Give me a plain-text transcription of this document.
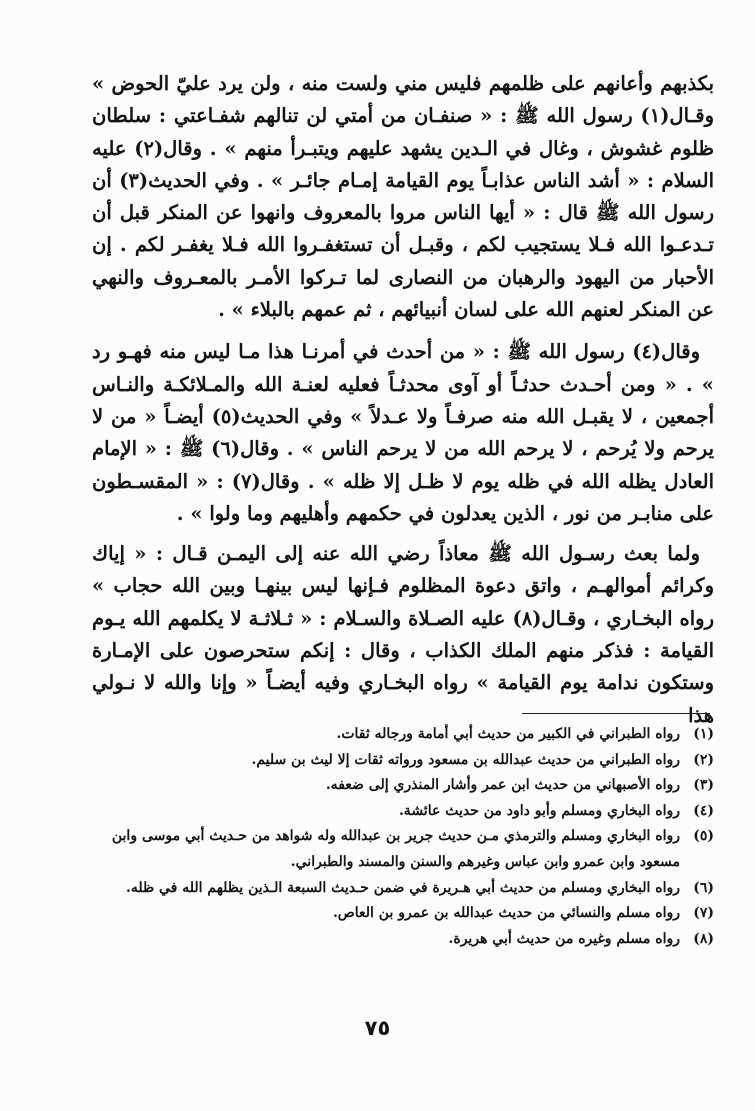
بكذبهم وأعانهم على ظلمهم فليس مني ولست منه ، ولن يرد عليّ الحوض » وقـال(١) رسول الله ﷺ : « صنفـان من أمتي لن تنالهم شفـاعتي : سلطان ظلوم غشوش ، وغال في الـدين يشهد عليهم ويتبـرأ منهم » . وقال(٢) عليه السلام : « أشد الناس عذابـاً يوم القيامة إمـام جائـر » . وفي الحديث(٣) أن رسول الله ﷺ قال : « أيها الناس مروا بالمعروف وانهوا عن المنكر قبل أن تـدعـوا الله فـلا يستجيب لكم ، وقبـل أن تستغفـروا الله فـلا يغفـر لكم . إن الأحبار من اليهود والرهبان من النصارى لما تـركوا الأمـر بالمعـروف والنهي عن المنكر لعنهم الله على لسان أنبيائهم ، ثم عمهم بالبلاء » .

وقال(٤) رسول الله ﷺ : « من أحدث في أمرنـا هذا مـا ليس منه فهـو رد » . « ومن أحـدث حدثـاً أو آوى محدثـاً فعليه لعنـة الله والمـلائكـة والنـاس أجمعين ، لا يقبـل الله منه صرفـاً ولا عـدلاً » وفي الحديث(٥) أيضـاً « من لا يرحم ولا يُرحم ، لا يرحم الله من لا يرحم الناس » . وقال(٦) ﷺ : « الإمام العادل يظله الله في ظله يوم لا ظـل إلا ظله » . وقال(٧) : « المقسـطون على منابـر من نور ، الذين يعدلون في حكمهم وأهليهم وما ولوا » .

ولما بعث رسـول الله ﷺ معاذاً رضي الله عنه إلى اليمـن قـال : « إياك وكرائم أموالهـم ، واتق دعوة المظلوم فـإنها ليس بينهـا وبين الله حجاب » رواه البخـاري ، وقـال(٨) عليه الصـلاة والسـلام : « ثـلاثـة لا يكلمهم الله يـوم القيامة : فذكر منهم الملك الكذاب ، وقال : إنكم ستحرصون على الإمـارة وستكون ندامة يوم القيامة » رواه البخـاري وفيه أيضـاً « وإنا والله لا نـولي هذا

(١)
رواه الطبراني في الكبير من حديث أبي أمامة ورجاله ثقات.
(٢)
رواه الطبراني من حديث عبدالله بن مسعود ورواته ثقات إلا ليث بن سليم.
(٣)
رواه الأصبهاني من حديث ابن عمر وأشار المنذري إلى ضعفه.
(٤)
رواه البخاري ومسلم وأبو داود من حديث عائشة.
(٥)
رواه البخاري ومسلم والترمذي مـن حديث جرير بن عبدالله وله شواهد من حـديث أبي موسى وابن مسعود وابن عمرو وابن عباس وغيرهم والسنن والمسند والطبراني.
(٦)
رواه البخاري ومسلم من حديث أبي هـريرة في ضمن حـديث السبعة الـذين يظلهم الله في ظله.
(٧)
رواه مسلم والنسائي من حديث عبدالله بن عمرو بن العاص.
(٨)
رواه مسلم وغيره من حديث أبي هريرة.
٧٥
